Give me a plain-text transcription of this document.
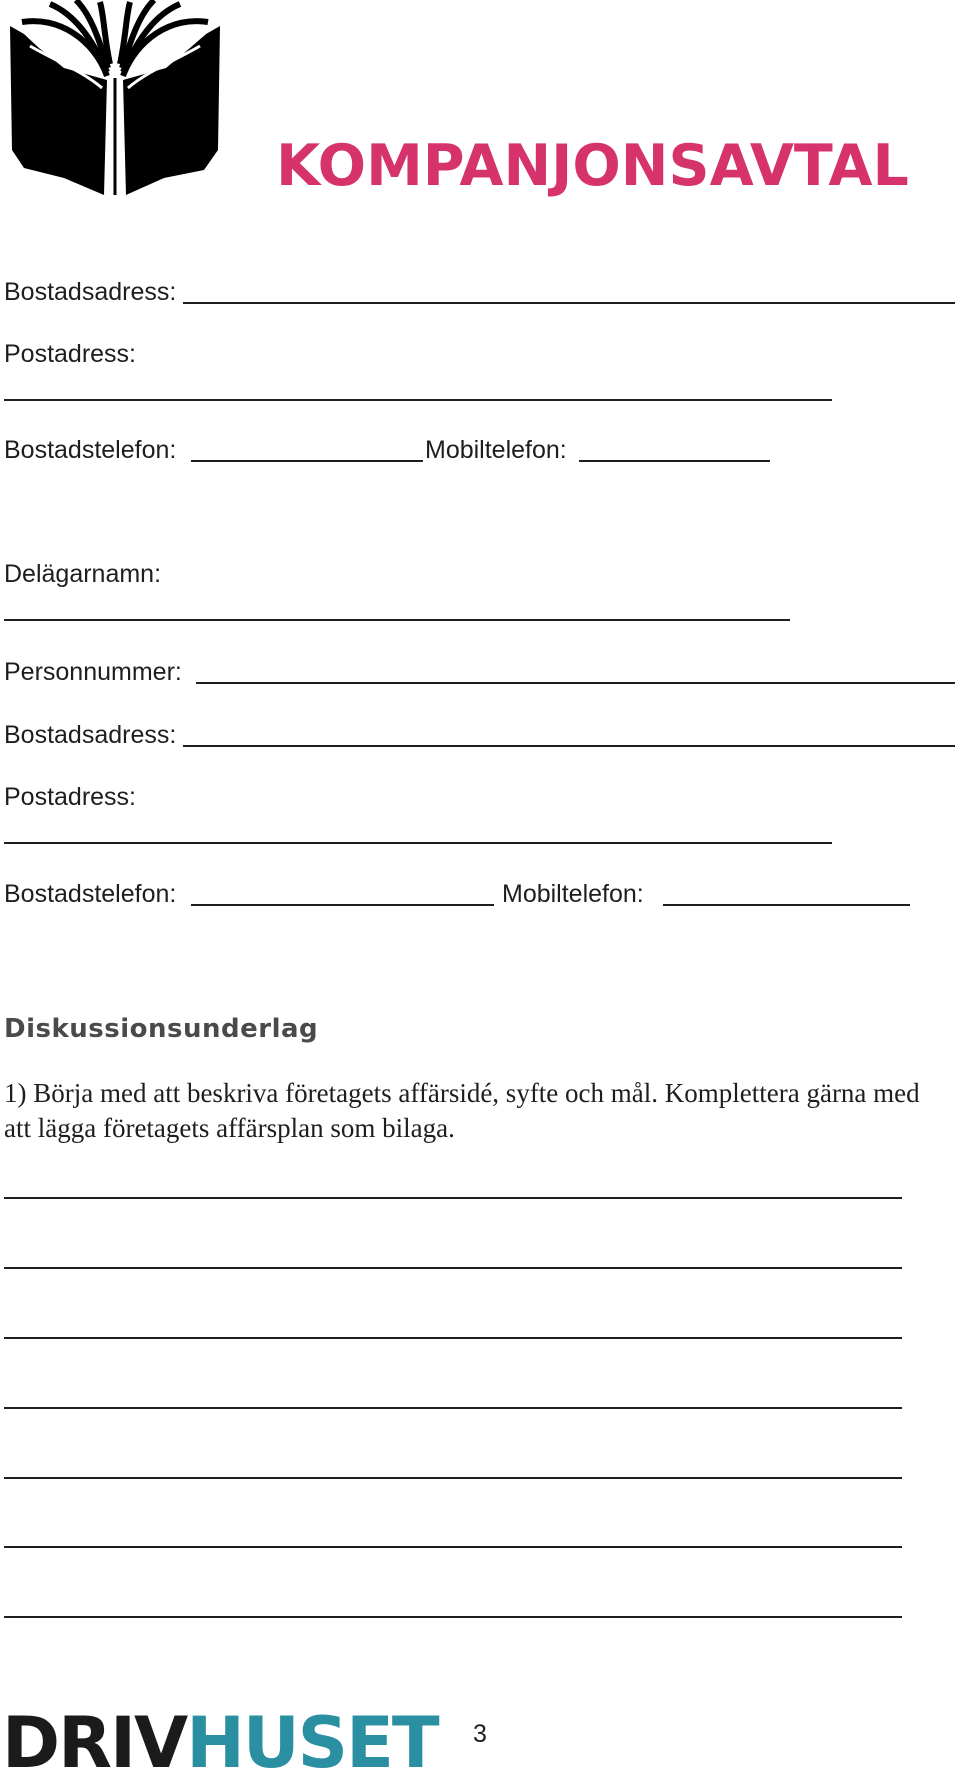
KOMPANJONSAVTAL
Bostadsadress:
Postadress:
Bostadstelefon:	Mobiltelefon:
Delägarnamn:
Personnummer:
Bostadsadress:
Postadress:
Bostadstelefon:	Mobiltelefon:
Diskussionsunderlag
1) Börja med att beskriva företagets affärsidé, syfte och mål. Komplettera gärna med att lägga företagets affärsplan som bilaga.
DRIVHUSET 3
